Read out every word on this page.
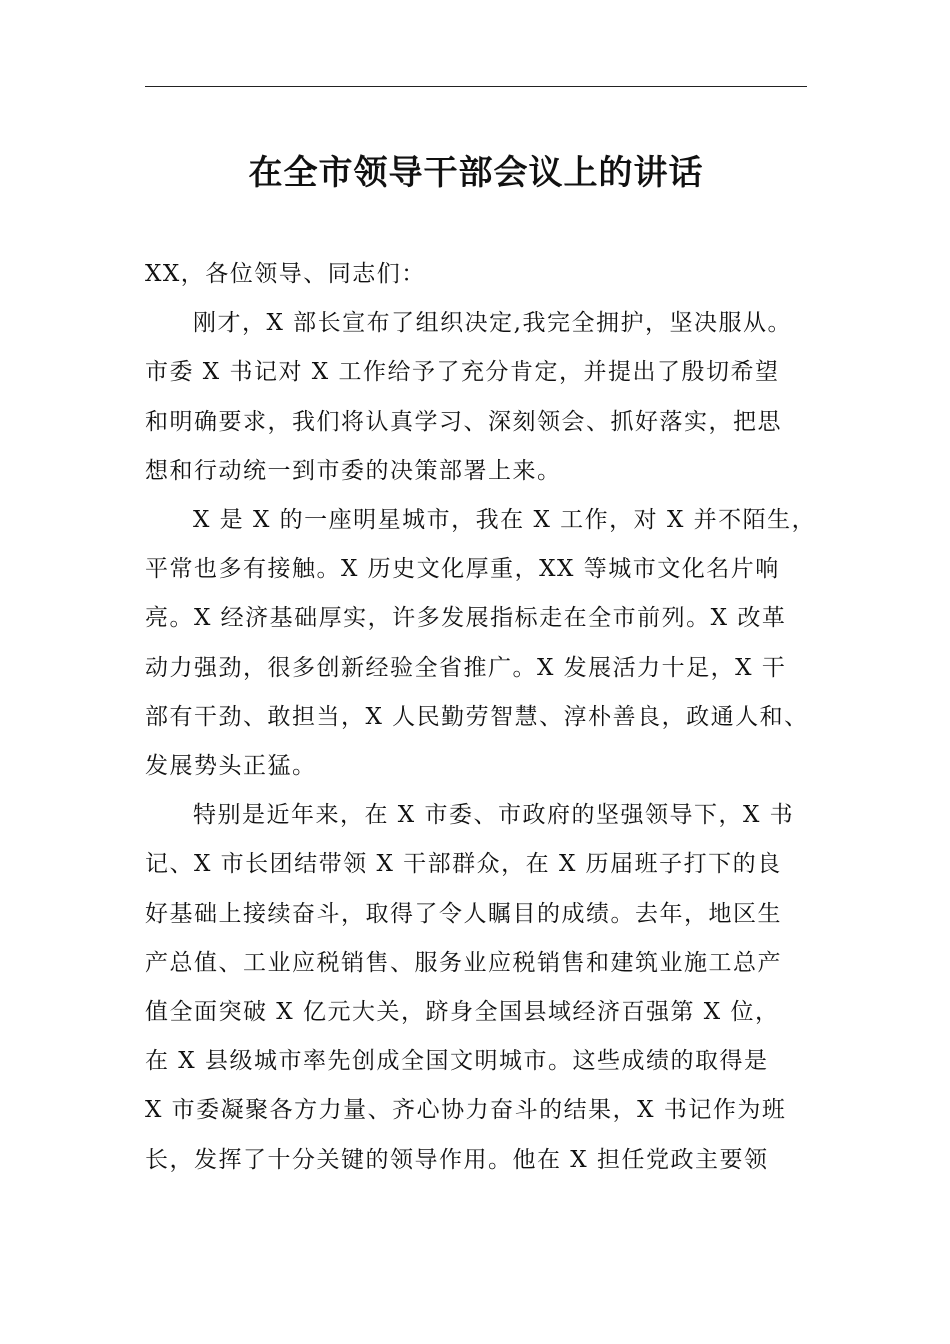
在全市领导干部会议上的讲话

XX，各位领导、同志们：

刚才，X 部长宣布了组织决定,我完全拥护，坚决服从。
市委 X 书记对 X 工作给予了充分肯定，并提出了殷切希望
和明确要求，我们将认真学习、深刻领会、抓好落实，把思
想和行动统一到市委的决策部署上来。

X 是 X 的一座明星城市，我在 X 工作，对 X 并不陌生，
平常也多有接触。X 历史文化厚重，XX 等城市文化名片响
亮。X 经济基础厚实，许多发展指标走在全市前列。X 改革
动力强劲，很多创新经验全省推广。X 发展活力十足，X 干
部有干劲、敢担当，X 人民勤劳智慧、淳朴善良，政通人和、
发展势头正猛。

特别是近年来，在 X 市委、市政府的坚强领导下，X 书
记、X 市长团结带领 X 干部群众，在 X 历届班子打下的良
好基础上接续奋斗，取得了令人瞩目的成绩。去年，地区生
产总值、工业应税销售、服务业应税销售和建筑业施工总产
值全面突破 X 亿元大关，跻身全国县域经济百强第 X 位，
在 X 县级城市率先创成全国文明城市。这些成绩的取得是
X 市委凝聚各方力量、齐心协力奋斗的结果，X 书记作为班
长，发挥了十分关键的领导作用。他在 X 担任党政主要领
